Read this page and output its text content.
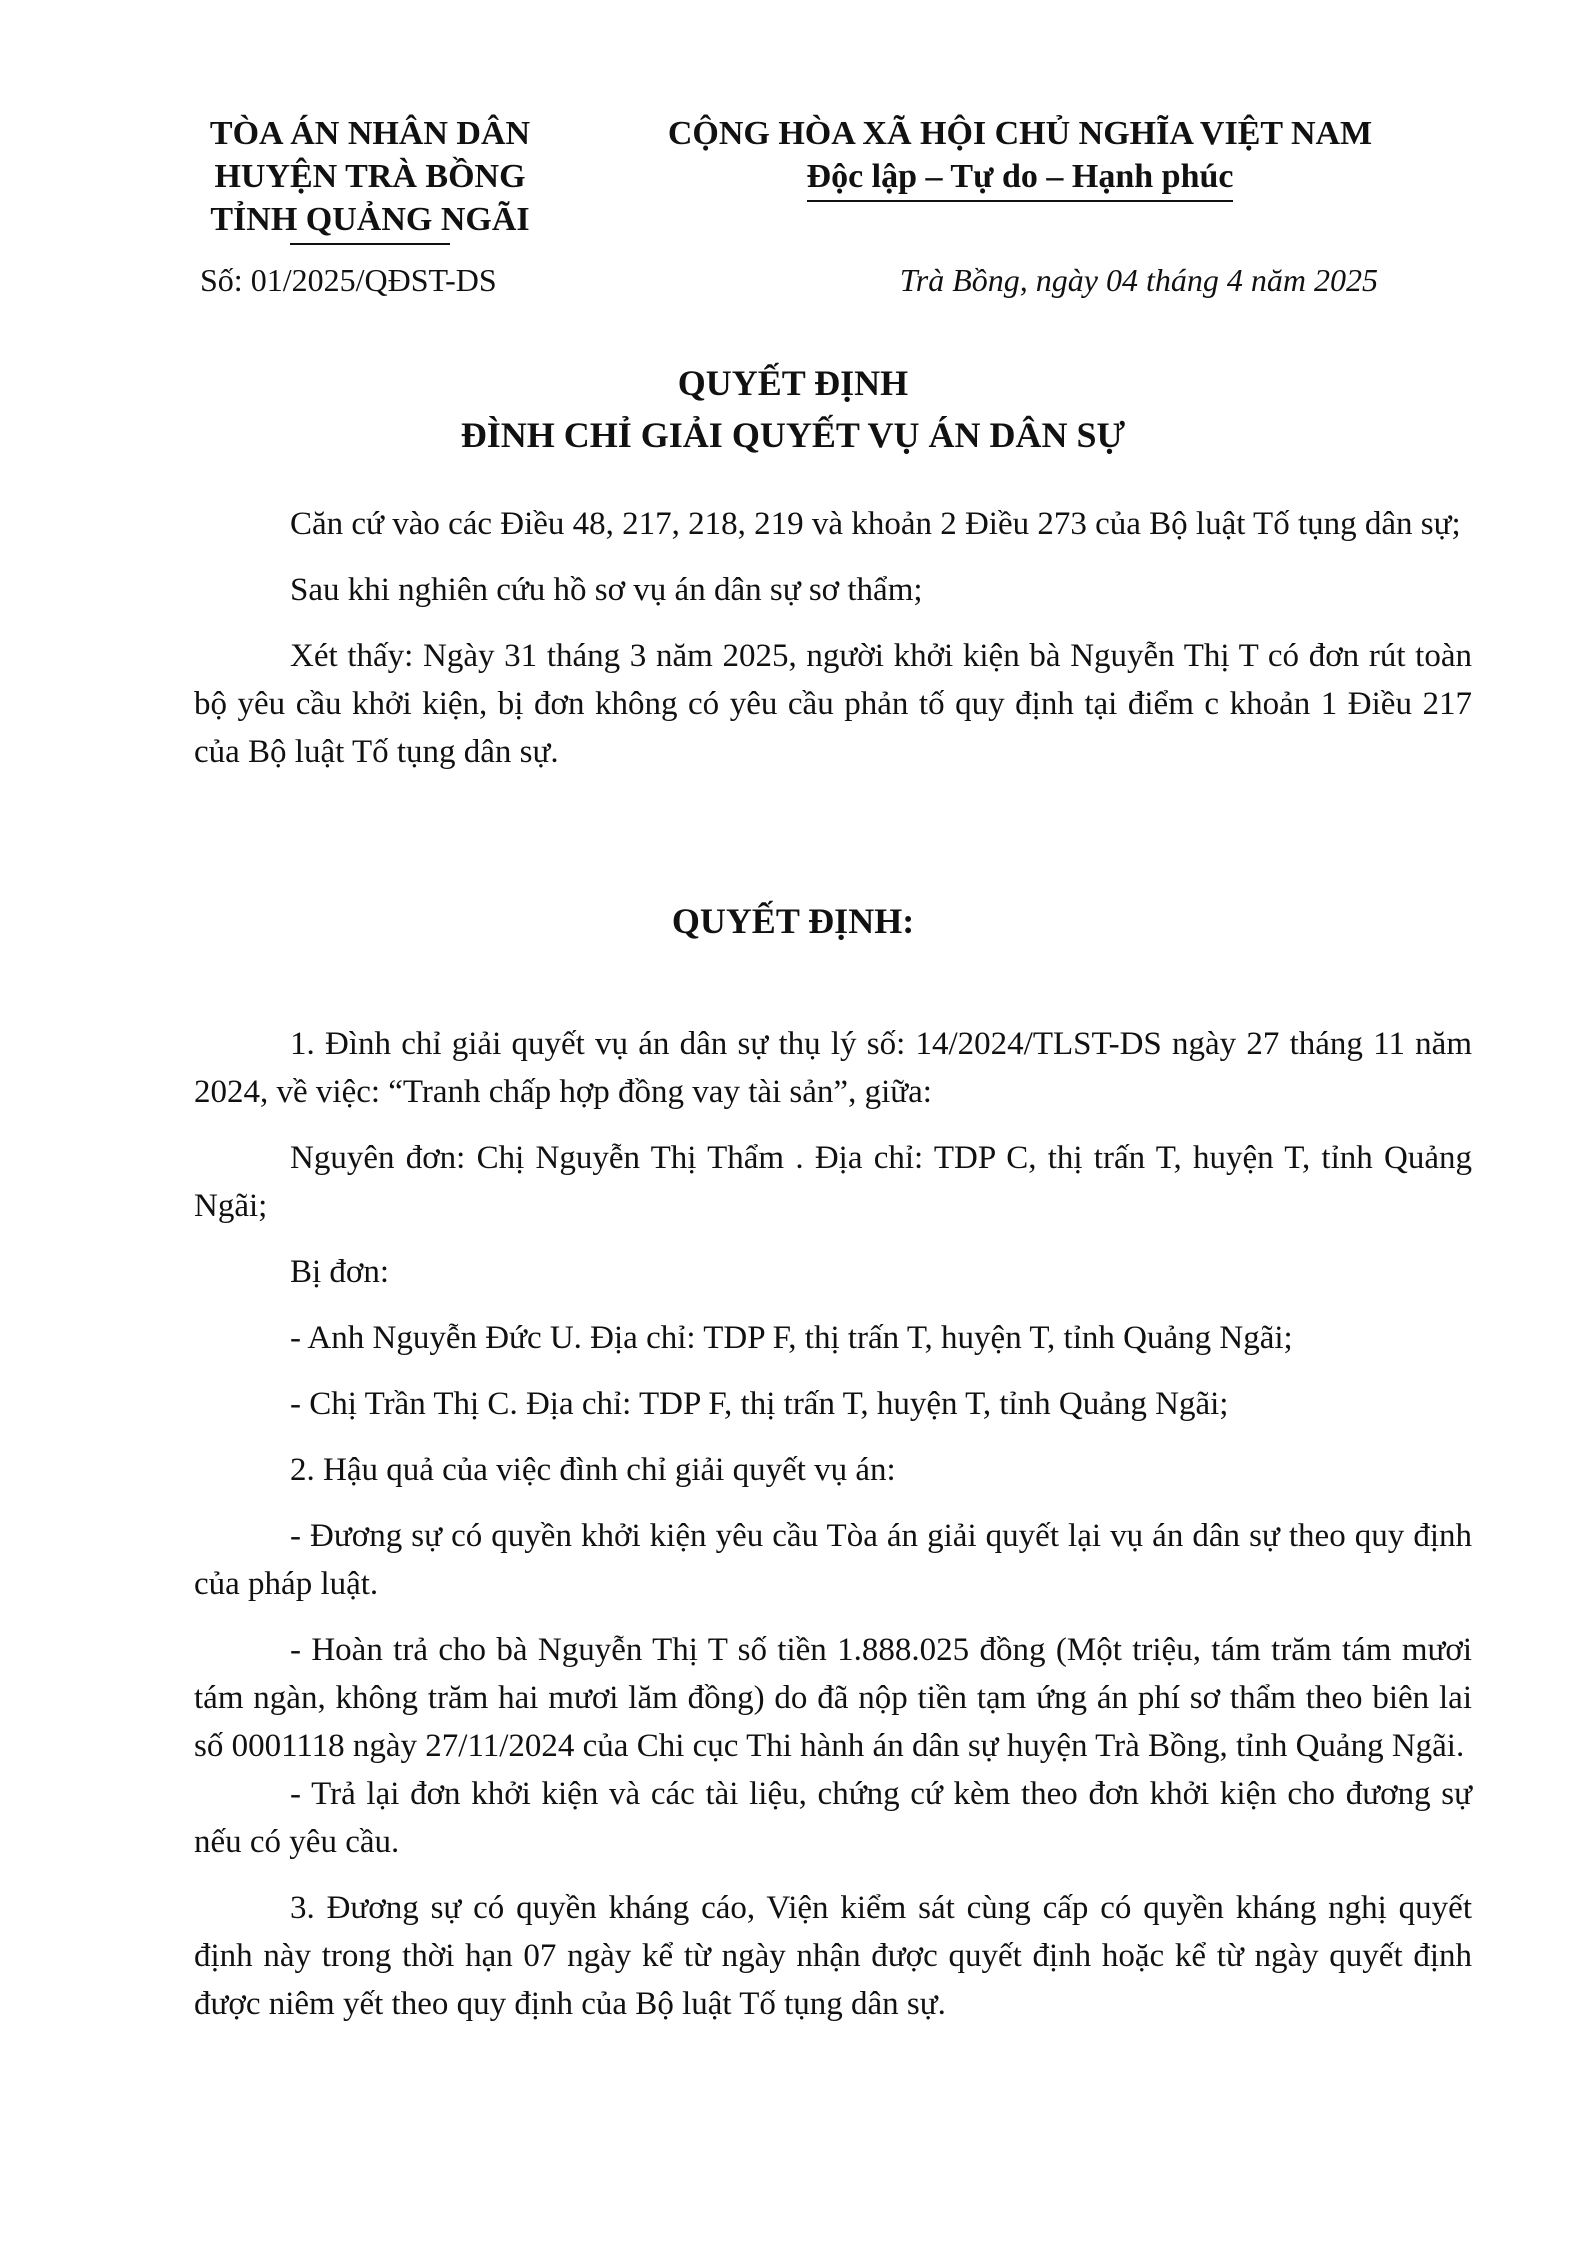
TÒA ÁN NHÂN DÂN
HUYỆN TRÀ BỒNG
TỈNH QUẢNG NGÃI
CỘNG HÒA XÃ HỘI CHỦ NGHĨA VIỆT NAM
Độc lập – Tự do – Hạnh phúc
Số: 01/2025/QĐST-DS	Trà Bồng, ngày 04 tháng 4 năm 2025
QUYẾT ĐỊNH
ĐÌNH CHỈ GIẢI QUYẾT VỤ ÁN DÂN SỰ

Căn cứ vào các Điều 48, 217, 218, 219 và khoản 2 Điều 273 của Bộ luật Tố tụng dân sự;

Sau khi nghiên cứu hồ sơ vụ án dân sự sơ thẩm;

Xét thấy: Ngày 31 tháng 3 năm 2025, người khởi kiện bà Nguyễn Thị T có đơn rút toàn bộ yêu cầu khởi kiện, bị đơn không có yêu cầu phản tố quy định tại điểm c khoản 1 Điều 217 của Bộ luật Tố tụng dân sự.

QUYẾT ĐỊNH:

1. Đình chỉ giải quyết vụ án dân sự thụ lý số: 14/2024/TLST-DS ngày 27 tháng 11 năm 2024, về việc: “Tranh chấp hợp đồng vay tài sản”, giữa:

Nguyên đơn: Chị Nguyễn Thị Thẩm . Địa chỉ: TDP C, thị trấn T, huyện T, tỉnh Quảng Ngãi;

Bị đơn:

- Anh Nguyễn Đức U. Địa chỉ: TDP F, thị trấn T, huyện T, tỉnh Quảng Ngãi;

- Chị Trần Thị C. Địa chỉ: TDP F, thị trấn T, huyện T, tỉnh Quảng Ngãi;

2. Hậu quả của việc đình chỉ giải quyết vụ án:

- Đương sự có quyền khởi kiện yêu cầu Tòa án giải quyết lại vụ án dân sự theo quy định của pháp luật.

- Hoàn trả cho bà Nguyễn Thị T số tiền 1.888.025 đồng (Một triệu, tám trăm tám mươi tám ngàn, không trăm hai mươi lăm đồng) do đã nộp tiền tạm ứng án phí sơ thẩm theo biên lai số 0001118 ngày 27/11/2024 của Chi cục Thi hành án dân sự huyện Trà Bồng, tỉnh Quảng Ngãi.

- Trả lại đơn khởi kiện và các tài liệu, chứng cứ kèm theo đơn khởi kiện cho đương sự nếu có yêu cầu.

3. Đương sự có quyền kháng cáo, Viện kiểm sát cùng cấp có quyền kháng nghị quyết định này trong thời hạn 07 ngày kể từ ngày nhận được quyết định hoặc kể từ ngày quyết định được niêm yết theo quy định của Bộ luật Tố tụng dân sự.
